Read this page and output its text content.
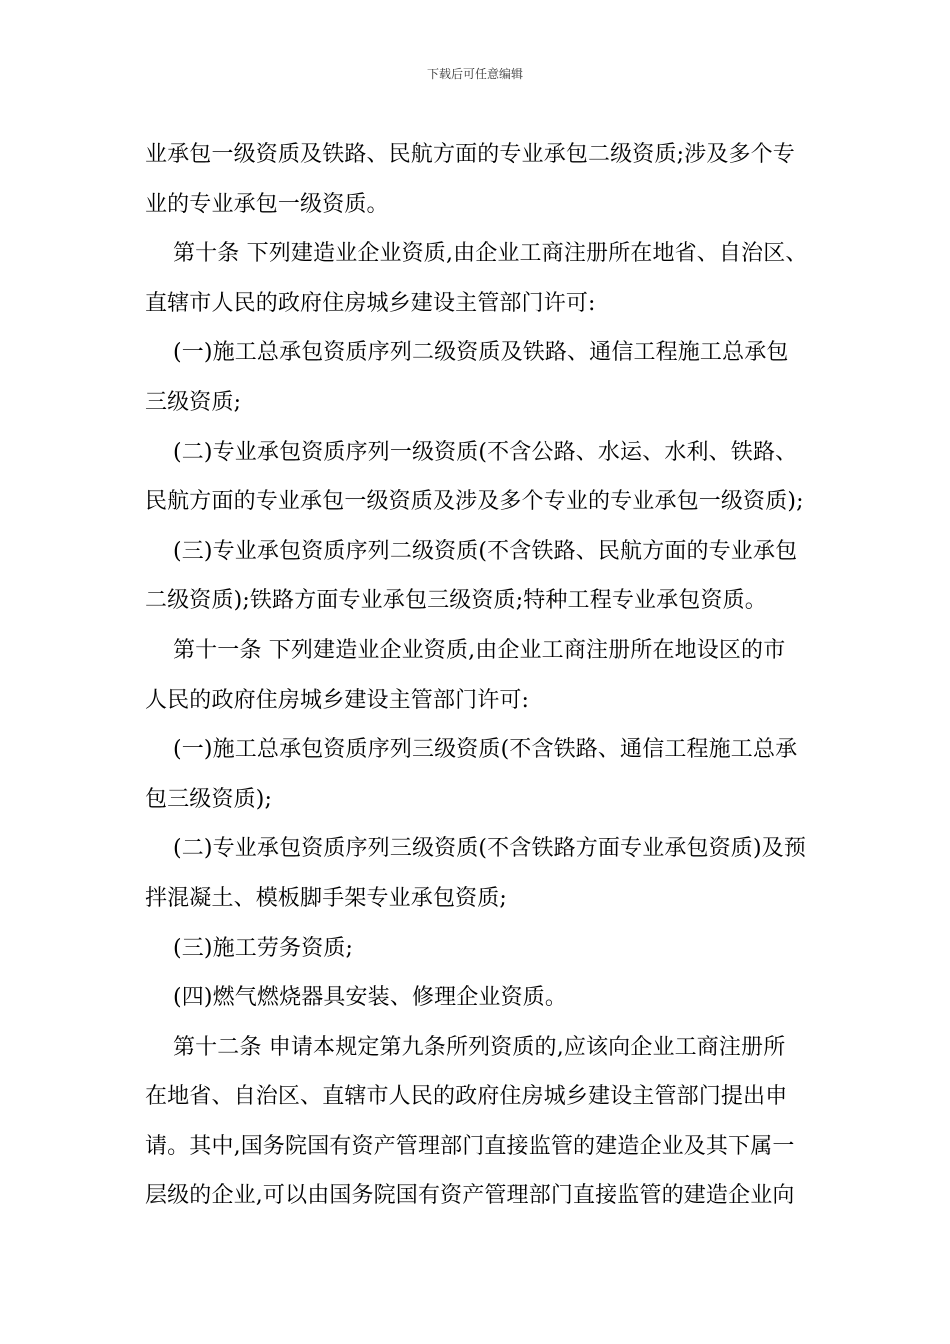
下载后可任意编辑
业承包一级资质及铁路、民航方面的专业承包二级资质;涉及多个专
业的专业承包一级资质。
第十条 下列建造业企业资质,由企业工商注册所在地省、自治区、
直辖市人民的政府住房城乡建设主管部门许可:
(一)施工总承包资质序列二级资质及铁路、通信工程施工总承包
三级资质;
(二)专业承包资质序列一级资质(不含公路、水运、水利、铁路、
民航方面的专业承包一级资质及涉及多个专业的专业承包一级资质);
(三)专业承包资质序列二级资质(不含铁路、民航方面的专业承包
二级资质);铁路方面专业承包三级资质;特种工程专业承包资质。
第十一条 下列建造业企业资质,由企业工商注册所在地设区的市
人民的政府住房城乡建设主管部门许可:
(一)施工总承包资质序列三级资质(不含铁路、通信工程施工总承
包三级资质);
(二)专业承包资质序列三级资质(不含铁路方面专业承包资质)及预
拌混凝土、模板脚手架专业承包资质;
(三)施工劳务资质;
(四)燃气燃烧器具安装、修理企业资质。
第十二条 申请本规定第九条所列资质的,应该向企业工商注册所
在地省、自治区、直辖市人民的政府住房城乡建设主管部门提出申
请。其中,国务院国有资产管理部门直接监管的建造企业及其下属一
层级的企业,可以由国务院国有资产管理部门直接监管的建造企业向
